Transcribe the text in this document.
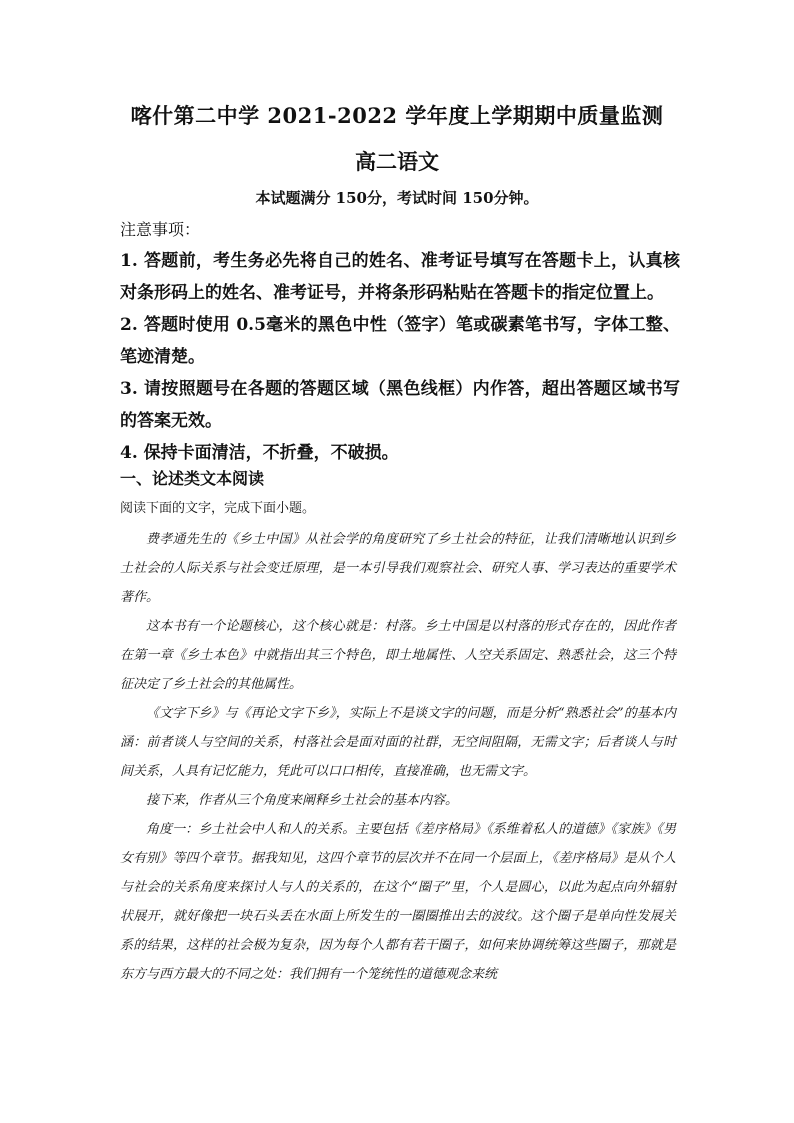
喀什第二中学 2021-2022 学年度上学期期中质量监测
高二语文
本试题满分 150分，考试时间 150分钟。
注意事项：

1. 答题前，考生务必先将自己的姓名、准考证号填写在答题卡上，认真核对条形码上的姓名、准考证号，并将条形码粘贴在答题卡的指定位置上。

2. 答题时使用 0.5毫米的黑色中性（签字）笔或碳素笔书写，字体工整、笔迹清楚。

3. 请按照题号在各题的答题区域（黑色线框）内作答，超出答题区域书写的答案无效。

4. 保持卡面清洁，不折叠，不破损。

一、论述类文本阅读
阅读下面的文字，完成下面小题。

费孝通先生的《乡土中国》从社会学的角度研究了乡土社会的特征，让我们清晰地认识到乡土社会的人际关系与社会变迁原理，是一本引导我们观察社会、研究人事、学习表达的重要学术著作。

这本书有一个论题核心，这个核心就是：村落。乡土中国是以村落的形式存在的，因此作者在第一章《乡土本色》中就指出其三个特色，即土地属性、人空关系固定、熟悉社会，这三个特征决定了乡土社会的其他属性。

《文字下乡》与《再论文字下乡》，实际上不是谈文字的问题，而是分析“熟悉社会”的基本内涵：前者谈人与空间的关系，村落社会是面对面的社群，无空间阻隔，无需文字；后者谈人与时间关系，人具有记忆能力，凭此可以口口相传，直接准确，也无需文字。

接下来，作者从三个角度来阐释乡土社会的基本内容。

角度一：乡土社会中人和人的关系。主要包括《差序格局》《系维着私人的道德》《家族》《男女有别》等四个章节。据我知见，这四个章节的层次并不在同一个层面上，《差序格局》是从个人与社会的关系角度来探讨人与人的关系的，在这个“圈子”里，个人是圆心，以此为起点向外辐射状展开，就好像把一块石头丢在水面上所发生的一圈圈推出去的波纹。这个圈子是单向性发展关系的结果，这样的社会极为复杂，因为每个人都有若干圈子，如何来协调统筹这些圈子，那就是东方与西方最大的不同之处：我们拥有一个笼统性的道德观念来统
